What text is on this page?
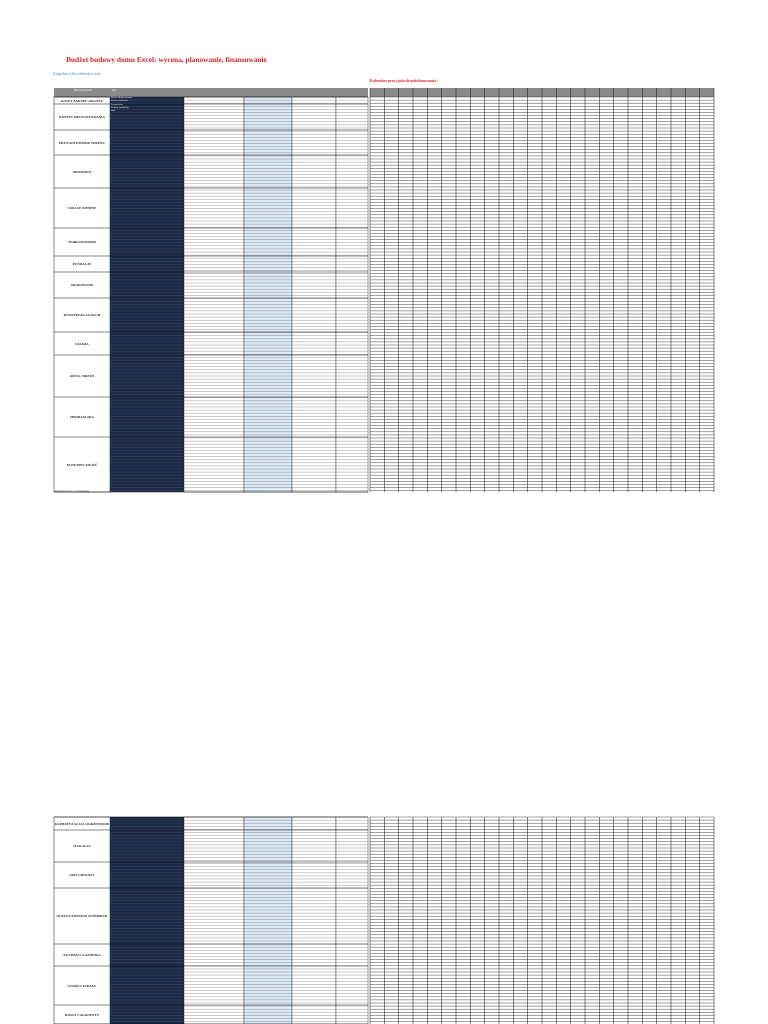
Budżet budowy domu Excel: wycena, planowanie, finansowanie
Uzupełnij tylko niebieskie pola
Kalendarz prac (pola do pokolorowania) :
Prace budowlane	Typ
KOSZT ZAKUPU GRUNTU
KOSZTY PRZYGOTOWANIA
PRZYGOTOWANIE TERENU
ODWIERTY
UDLICE ZIEMNE
TERRASOWANIE
FUNDACJE
MUROWANIE
KONSTRUKCJA DACH
FASADA
OKNA / DRZWI
HYDRAULIKA
ELEKTRYCZNOŚĆ
Koszt zakupu gruntu
Koszt notariusza
Pozwolenia
Projekt architekta
Inne
Klimatyzacja i ogrzewanie
KLIMATYZACJA I OGRZEWANIE
IZOLACJA
GIPS GIPSOWY
OGIA ET FINITION INTÉRIEUR
KUCHNIA I ŁAZIENKA
GANKI I TARASY
KOSZT CAŁKOWITY
